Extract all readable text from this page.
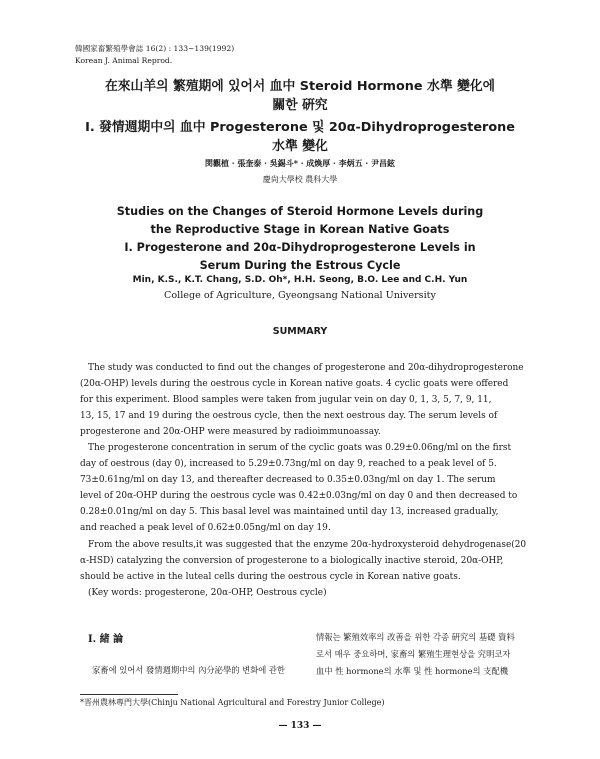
韓國家畜繁殖學會誌 16(2) : 133~139(1992)
Korean J. Animal Reprod.
在來山羊의 繁殖期에 있어서 血中 Steroid Hormone 水準 變化에
關한 硏究
Ⅰ. 發情週期中의 血中 Progesterone 및 20α-Dihydroprogesterone
水準 變化
閔觀植 · 張奎泰 · 吳錫斗* · 成煥厚 · 李炳五 · 尹昌鉉
慶尙大學校 農科大學
Studies on the Changes of Steroid Hormone Levels during
the Reproductive Stage in Korean Native Goats
Ⅰ. Progesterone and 20α-Dihydroprogesterone Levels in
Serum During the Estrous Cycle
Min, K.S., K.T. Chang, S.D. Oh*, H.H. Seong, B.O. Lee and C.H. Yun
College of Agriculture, Gyeongsang National University
SUMMARY
The study was conducted to find out the changes of progesterone and 20α-dihydroprogesterone
(20α-OHP) levels during the oestrous cycle in Korean native goats. 4 cyclic goats were offered
for this experiment. Blood samples were taken from jugular vein on day 0, 1, 3, 5, 7, 9, 11,
13, 15, 17 and 19 during the oestrous cycle, then the next oestrous day. The serum levels of
progesterone and 20α-OHP were measured by radioimmunoassay.
The progesterone concentration in serum of the cyclic goats was 0.29±0.06ng/ml on the first
day of oestrous (day 0), increased to 5.29±0.73ng/ml on day 9, reached to a peak level of 5.
73±0.61ng/ml on day 13, and thereafter decreased to 0.35±0.03ng/ml on day 1. The serum
level of 20α-OHP during the oestrous cycle was 0.42±0.03ng/ml on day 0 and then decreased to
0.28±0.01ng/ml on day 5. This basal level was maintained until day 13, increased gradually,
and reached a peak level of 0.62±0.05ng/ml on day 19.
From the above results,it was suggested that the enzyme 20α-hydroxysteroid dehydrogenase(20
α-HSD) catalyzing the conversion of progesterone to a biologically inactive steroid, 20α-OHP,
should be active in the luteal cells during the oestrous cycle in Korean native goats.
(Key words: progesterone, 20α-OHP, Oestrous cycle)
Ⅰ. 緒 論
家畜에 있어서 發情週期中의 內分泌學的 변화에 관한
情報는 繁殖效率의 改善을 위한 각종 硏究의 基礎 資料
로서 매우 중요하며, 家畜의 繁殖生理현상을 究明코자
血中 性 hormone의 水準 및 性 hormone의 支配機
*晋州農林專門大學(Chinju National Agricultural and Forestry Junior College)
— 133 —
